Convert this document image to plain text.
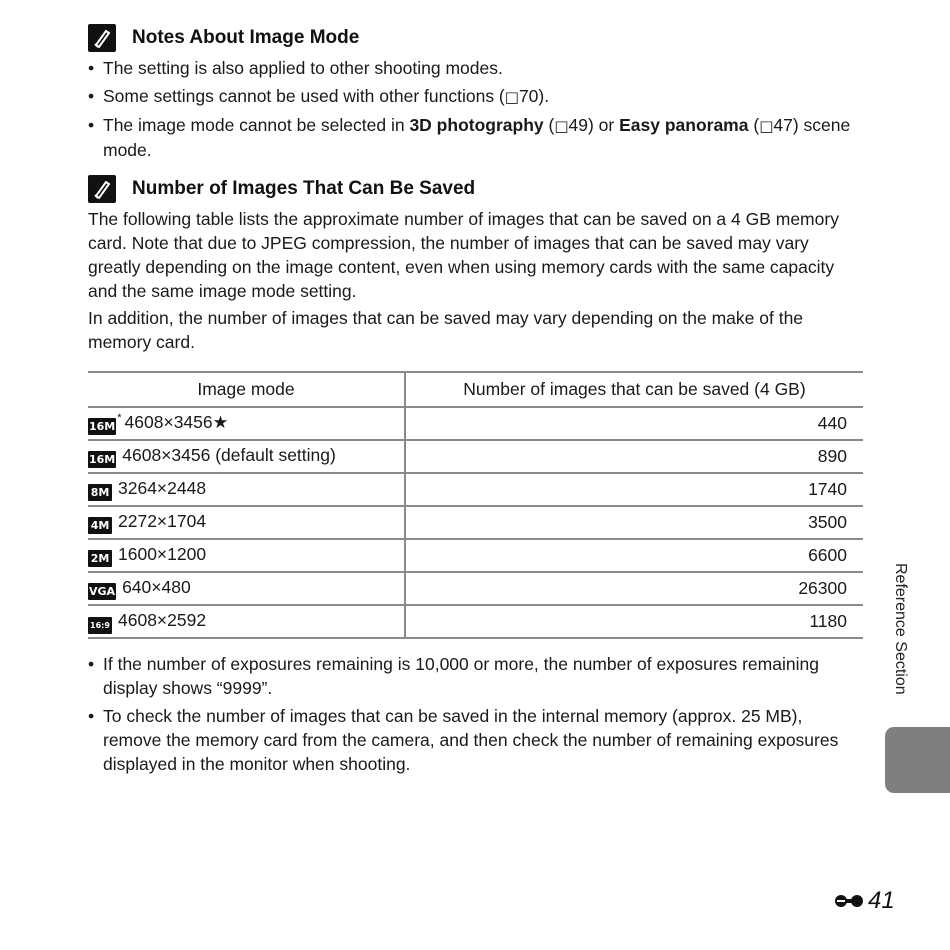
Notes About Image Mode
• The setting is also applied to other shooting modes.
• Some settings cannot be used with other functions (□70).
• The image mode cannot be selected in 3D photography (□49) or Easy panorama (□47) scene mode.
Number of Images That Can Be Saved

The following table lists the approximate number of images that can be saved on a 4 GB memory card. Note that due to JPEG compression, the number of images that can be saved may vary greatly depending on the image content, even when using memory cards with the same capacity and the same image mode setting.

In addition, the number of images that can be saved may vary depending on the make of the memory card.

Image mode	Number of images that can be saved (4 GB)
16M* 4608×3456★	440
16M 4608×3456 (default setting)	890
8M 3264×2448	1740
4M 2272×1704	3500
2M 1600×1200	6600
VGA 640×480	26300
16:9 4608×2592	1180
• If the number of exposures remaining is 10,000 or more, the number of exposures remaining display shows “9999”.
• To check the number of images that can be saved in the internal memory (approx. 25 MB), remove the memory card from the camera, and then check the number of remaining exposures displayed in the monitor when shooting.
Reference Section
41
